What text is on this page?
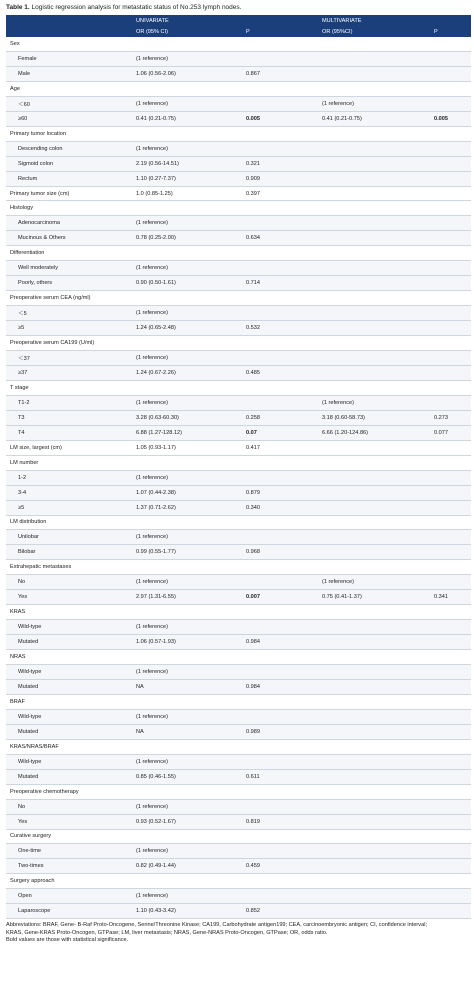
Table 1. Logistic regression analysis for metastatic status of No.253 lymph nodes.
	UNIVARIATE		MULTIVARIATE	
	OR (95% CI)	P	OR (95%CI)	P
Sex				
Female	(1 reference)			
Male	1.06 (0.56-2.06)	0.867		
Age				
＜60	(1 reference)		(1 reference)	
≥60	0.41 (0.21-0.75)	0.005	0.41 (0.21-0.75)	0.005
Primary tumor location				
Descending colon	(1 reference)			
Sigmoid colon	2.19 (0.56-14.51)	0.321		
Rectum	1.10 (0.27-7.37)	0.909		
Primary tumor size (cm)	1.0 (0.85-1.25)	0.397		
Histology				
Adenocarcinoma	(1 reference)			
Mucinous & Others	0.78 (0.25-2.00)	0.634		
Differentiation				
Well moderately	(1 reference)			
Poorly, others	0.90 (0.50-1.61)	0.714		
Preoperative serum CEA (ng/ml)				
＜5	(1 reference)			
≥5	1.24 (0.65-2.48)	0.532		
Preoperative serum CA199 (U/ml)				
＜37	(1 reference)			
≥37	1.24 (0.67-2.26)	0.485		
T stage				
T1-2	(1 reference)		(1 reference)	
T3	3.28 (0.63-60.30)	0.258	3.18 (0.60-58.73)	0.273
T4	6.88 (1.27-128.12)	0.07	6.66 (1.20-124.86)	0.077
LM size, largest (cm)	1.05 (0.93-1.17)	0.417		
LM number				
1-2	(1 reference)			
3-4	1.07 (0.44-2.38)	0.879		
≥5	1.37 (0.71-2.62)	0.340		
LM distribution				
Unilobar	(1 reference)			
Bilobar	0.99 (0.55-1.77)	0.968		
Extrahepatic metastases				
No	(1 reference)		(1 reference)	
Yes	2.97 (1.31-6.55)	0.007	0.75 (0.41-1.37)	0.341
KRAS				
Wild-type	(1 reference)			
Mutated	1.06 (0.57-1.93)	0.984		
NRAS				
Wild-type	(1 reference)			
Mutated	NA	0.984		
BRAF				
Wild-type	(1 reference)			
Mutated	NA	0.989		
KRAS/NRAS/BRAF				
Wild-type	(1 reference)			
Mutated	0.85 (0.46-1.55)	0.611		
Preoperative chemotherapy				
No	(1 reference)			
Yes	0.93 (0.52-1.67)	0.819		
Curative surgery				
One-time	(1 reference)			
Two-times	0.82 (0.49-1.44)	0.459		
Surgery approach				
Open	(1 reference)			
Laparoscope	1.10 (0.43-3.42)	0.852		
Abbreviations: BRAF, Gene- B-Raf Proto-Oncogene, Serine/Threonine Kinase; CA199, Carbohydrate antigen199; CEA, carcinoembryonic antigen; CI, confidence interval;
KRAS, Gene-KRAS Proto-Oncogen, GTPase; LM, liver metastasis; NRAS, Gene-NRAS Proto-Oncogen, GTPase; OR, odds ratio.
Bold values are those with statistical significance.
